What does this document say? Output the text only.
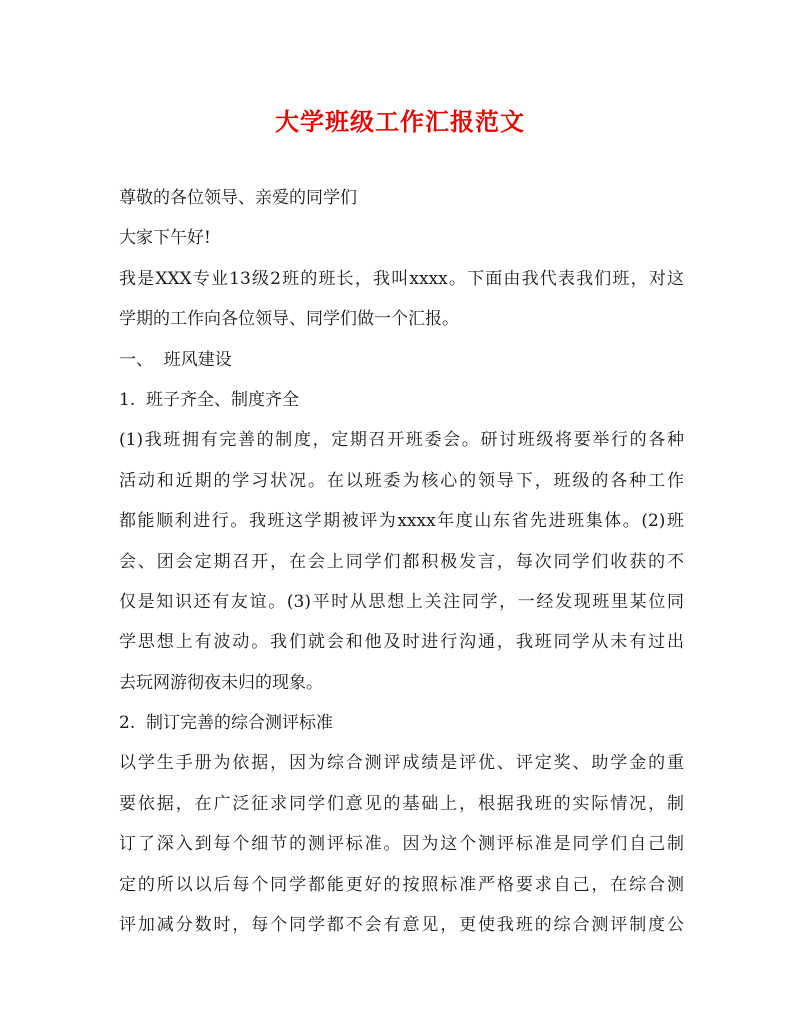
大学班级工作汇报范文
尊敬的各位领导、亲爱的同学们
大家下午好!
我是XXX专业13级2班的班长，我叫xxxx。下面由我代表我们班，对这
学期的工作向各位领导、同学们做一个汇报。
一、  班风建设
1.  班子齐全、制度齐全
(1)我班拥有完善的制度，定期召开班委会。研讨班级将要举行的各种
活动和近期的学习状况。在以班委为核心的领导下，班级的各种工作
都能顺利进行。我班这学期被评为xxxx年度山东省先进班集体。(2)班
会、团会定期召开，在会上同学们都积极发言，每次同学们收获的不
仅是知识还有友谊。(3)平时从思想上关注同学，一经发现班里某位同
学思想上有波动。我们就会和他及时进行沟通，我班同学从未有过出
去玩网游彻夜未归的现象。
2.  制订完善的综合测评标准
以学生手册为依据，因为综合测评成绩是评优、评定奖、助学金的重
要依据，在广泛征求同学们意见的基础上，根据我班的实际情况，制
订了深入到每个细节的测评标准。因为这个测评标准是同学们自己制
定的所以以后每个同学都能更好的按照标准严格要求自己，在综合测
评加减分数时，每个同学都不会有意见，更使我班的综合测评制度公
